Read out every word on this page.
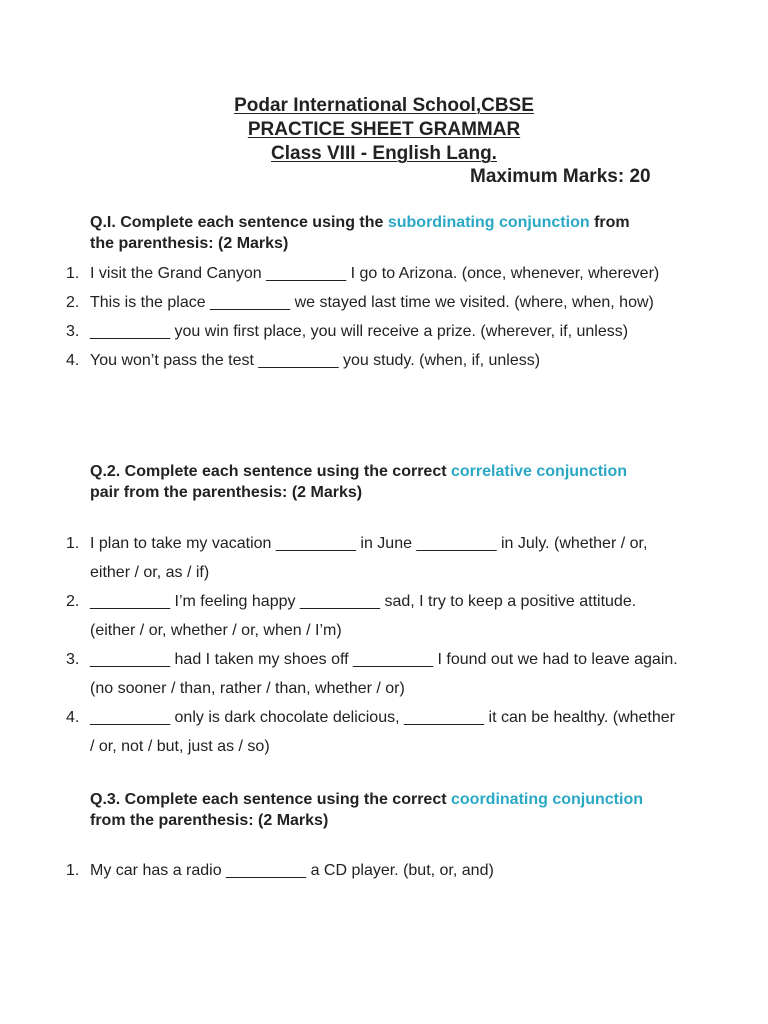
Podar International School,CBSE
PRACTICE SHEET GRAMMAR
Class VIII - English Lang.
Maximum Marks: 20
Q.I. Complete each sentence using the subordinating conjunction from the parenthesis: (2 Marks)
1. I visit the Grand Canyon _________ I go to Arizona. (once, whenever, wherever)
2. This is the place _________ we stayed last time we visited. (where, when, how)
3. _________ you win first place, you will receive a prize. (wherever, if, unless)
4. You won’t pass the test _________ you study. (when, if, unless)
Q.2. Complete each sentence using the correct correlative conjunction pair from the parenthesis: (2 Marks)
1. I plan to take my vacation _________ in June _________ in July. (whether / or, either / or, as / if)
2. _________ I’m feeling happy _________ sad, I try to keep a positive attitude. (either / or, whether / or, when / I’m)
3. _________ had I taken my shoes off _________ I found out we had to leave again. (no sooner / than, rather / than, whether / or)
4. _________ only is dark chocolate delicious, _________ it can be healthy. (whether / or, not / but, just as / so)
Q.3. Complete each sentence using the correct coordinating conjunction from the parenthesis: (2 Marks)
1. My car has a radio _________ a CD player. (but, or, and)
